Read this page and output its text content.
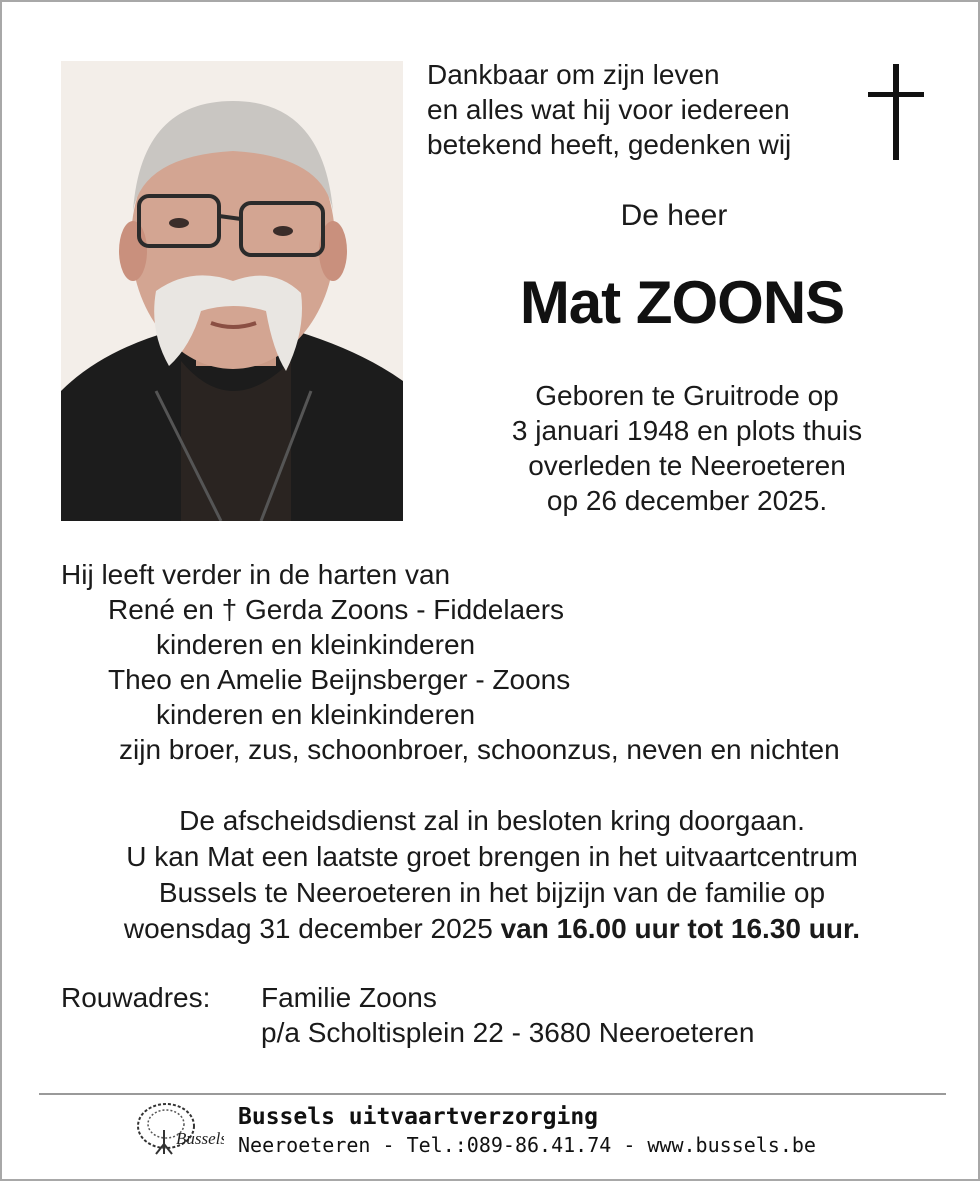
Dankbaar om zijn leven
en alles wat hij voor iedereen
betekend heeft, gedenken wij
De heer
Mat ZOONS
Geboren te Gruitrode op
3 januari 1948 en plots thuis
overleden te Neeroeteren
op 26 december 2025.
Hij leeft verder in de harten van
René en † Gerda Zoons - Fiddelaers
kinderen en kleinkinderen
Theo en Amelie Beijnsberger - Zoons
kinderen en kleinkinderen
zijn broer, zus, schoonbroer, schoonzus, neven en nichten
De afscheidsdienst zal in besloten kring doorgaan.
U kan Mat een laatste groet brengen in het uitvaartcentrum
Bussels te Neeroeteren in het bijzijn van de familie op
woensdag 31 december 2025 van 16.00 uur tot 16.30 uur.
Rouwadres: Familie Zoons
p/a Scholtisplein 22 - 3680 Neeroeteren
Bussels
Bussels uitvaartverzorging
Neeroeteren - Tel.:089-86.41.74 - www.bussels.be
